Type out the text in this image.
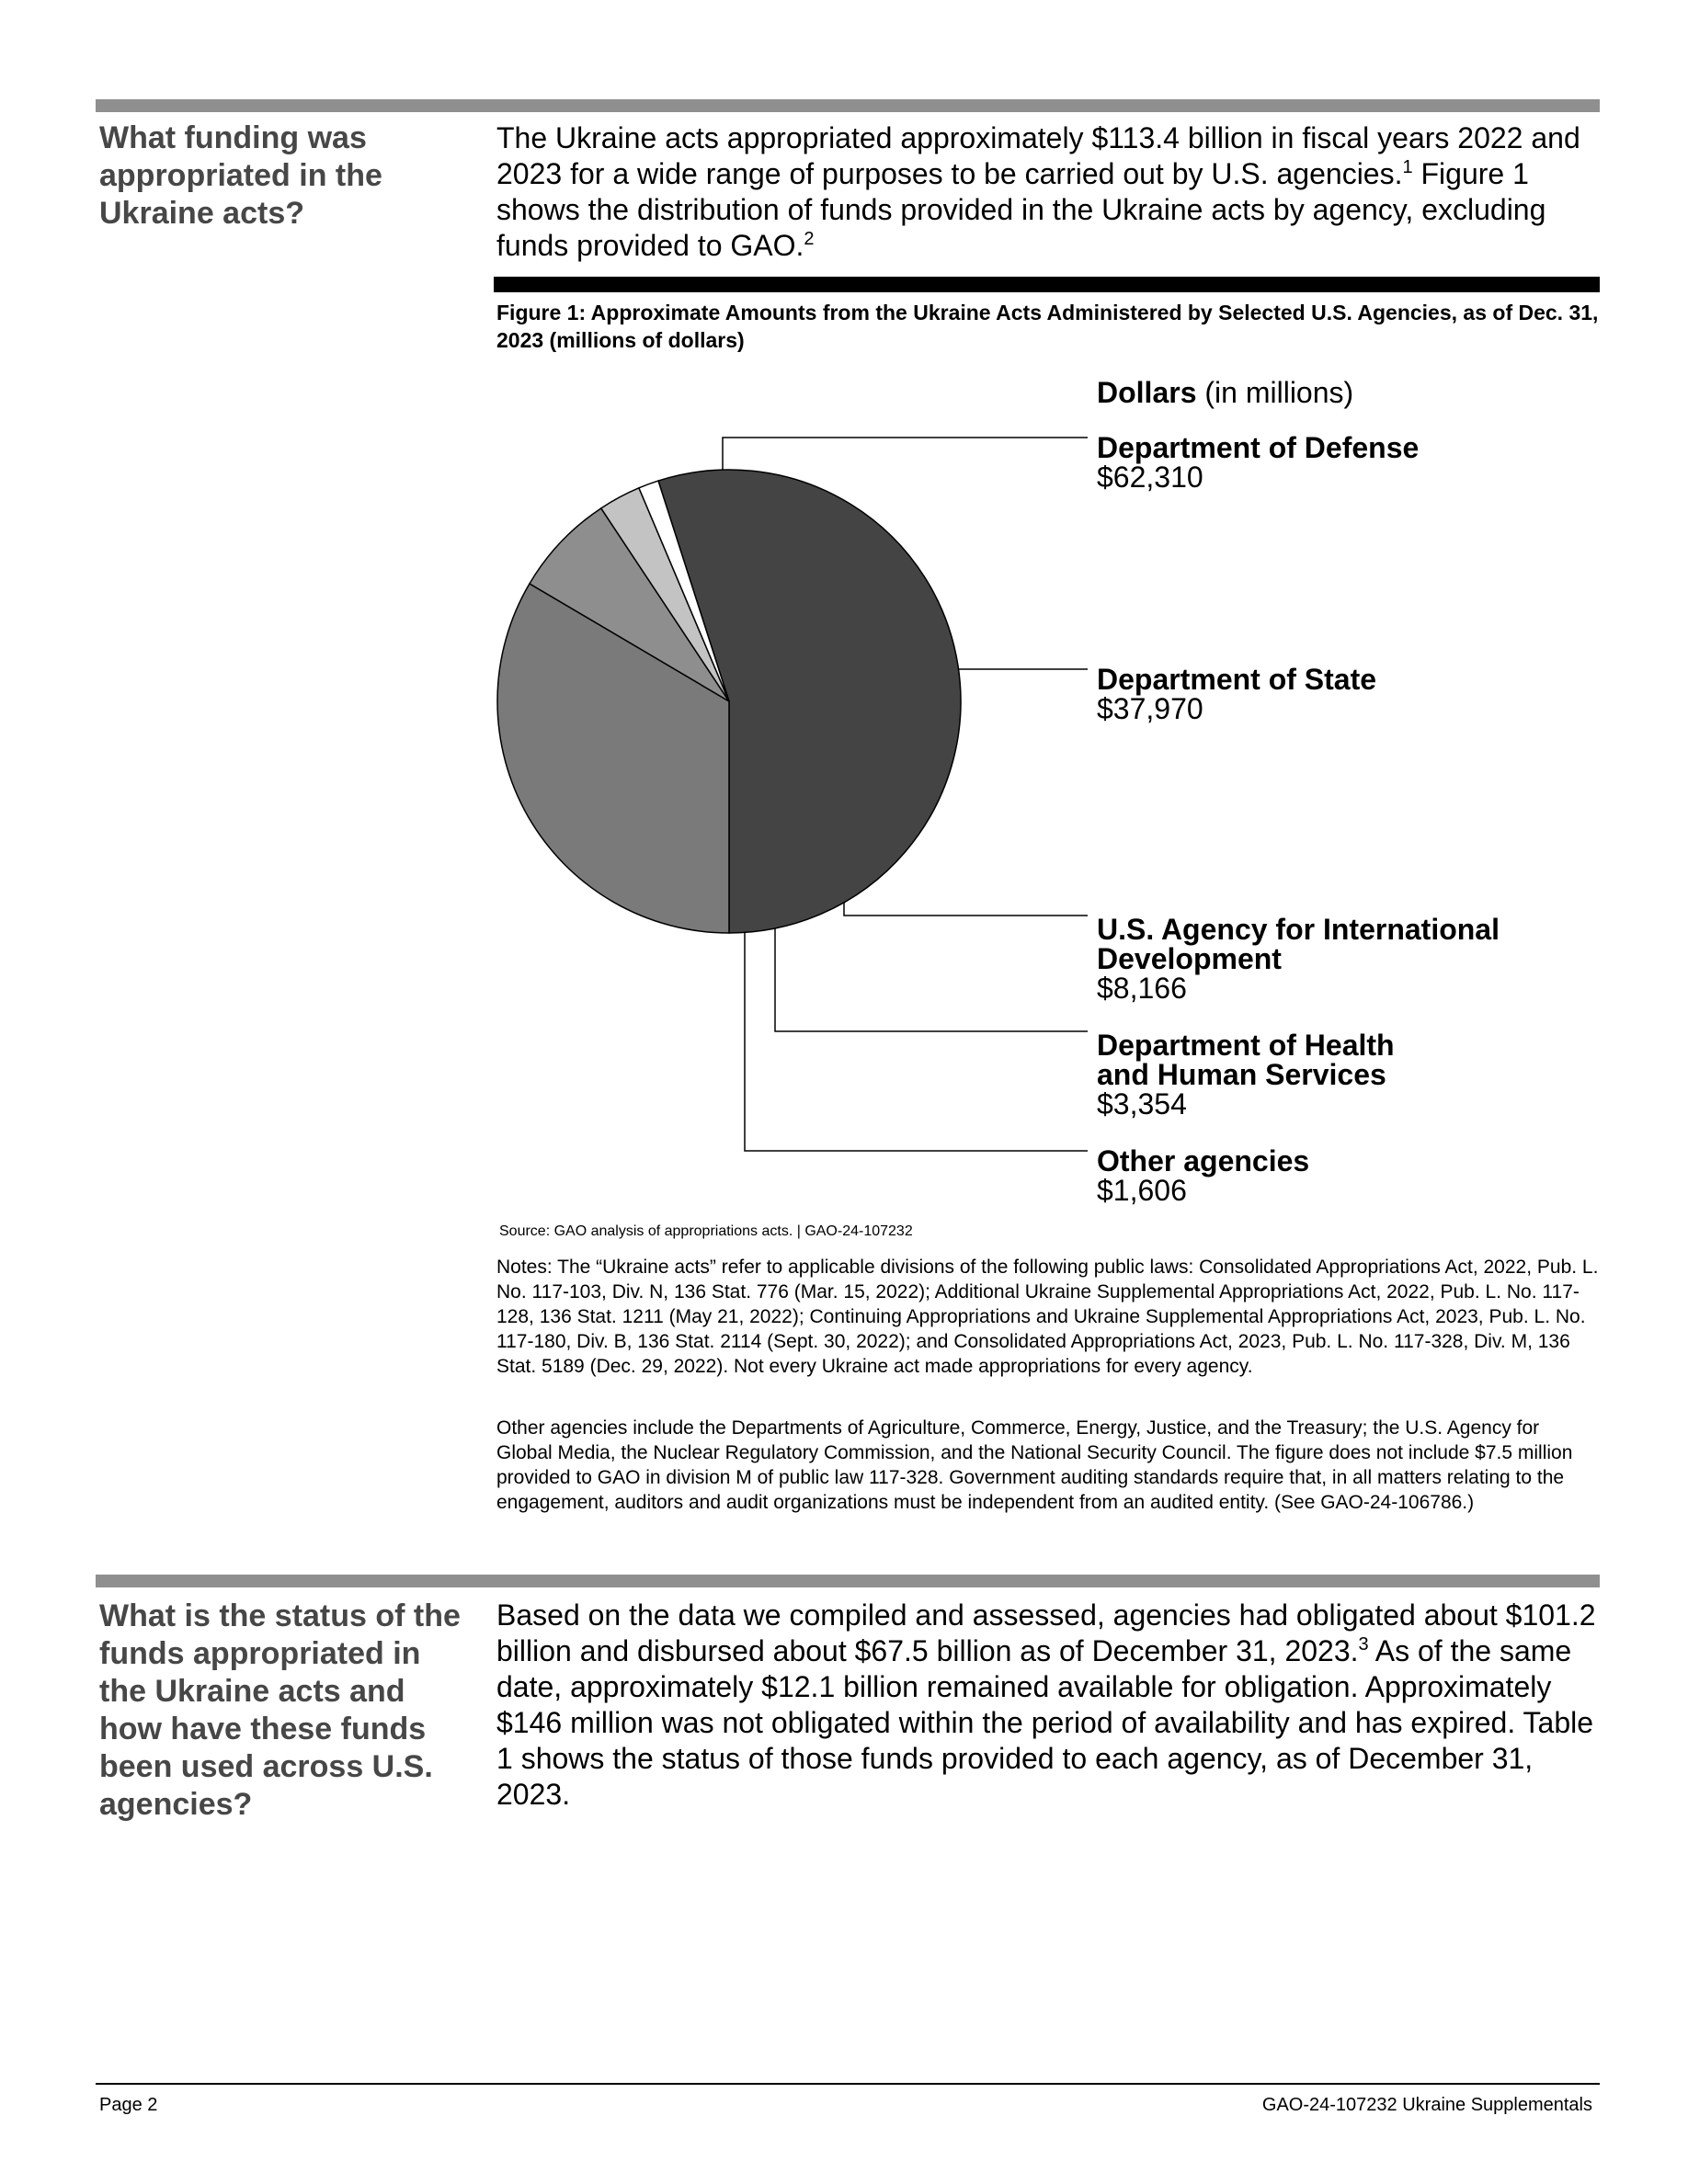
What funding was appropriated in the Ukraine acts?

The Ukraine acts appropriated approximately $113.4 billion in fiscal years 2022 and 2023 for a wide range of purposes to be carried out by U.S. agencies.$^1$ Figure 1 shows the distribution of funds provided in the Ukraine acts by agency, excluding funds provided to GAO.$^2$

Figure 1: Approximate Amounts from the Ukraine Acts Administered by Selected U.S. Agencies, as of Dec. 31, 2023 (millions of dollars)

Dollars (in millions)
Department of Defense
$62,310
Department of State
$37,970
U.S. Agency for International
Development
$8,166
Department of Health
and Human Services
$3,354
Other agencies
$1,606

Source: GAO analysis of appropriations acts. | GAO-24-107232

Notes: The “Ukraine acts” refer to applicable divisions of the following public laws: Consolidated Appropriations Act, 2022, Pub. L. No. 117-103, Div. N, 136 Stat. 776 (Mar. 15, 2022); Additional Ukraine Supplemental Appropriations Act, 2022, Pub. L. No. 117-128, 136 Stat. 1211 (May 21, 2022); Continuing Appropriations and Ukraine Supplemental Appropriations Act, 2023, Pub. L. No. 117-180, Div. B, 136 Stat. 2114 (Sept. 30, 2022); and Consolidated Appropriations Act, 2023, Pub. L. No. 117-328, Div. M, 136 Stat. 5189 (Dec. 29, 2022). Not every Ukraine act made appropriations for every agency.

Other agencies include the Departments of Agriculture, Commerce, Energy, Justice, and the Treasury; the U.S. Agency for Global Media, the Nuclear Regulatory Commission, and the National Security Council. The figure does not include $7.5 million provided to GAO in division M of public law 117-328. Government auditing standards require that, in all matters relating to the engagement, auditors and audit organizations must be independent from an audited entity. (See GAO-24-106786.)

What is the status of the funds appropriated in the Ukraine acts and how have these funds been used across U.S. agencies?

Based on the data we compiled and assessed, agencies had obligated about $101.2 billion and disbursed about $67.5 billion as of December 31, 2023.$^3$ As of the same date, approximately $12.1 billion remained available for obligation. Approximately $146 million was not obligated within the period of availability and has expired. Table 1 shows the status of those funds provided to each agency, as of December 31, 2023.

Page 2	GAO-24-107232 Ukraine Supplementals
